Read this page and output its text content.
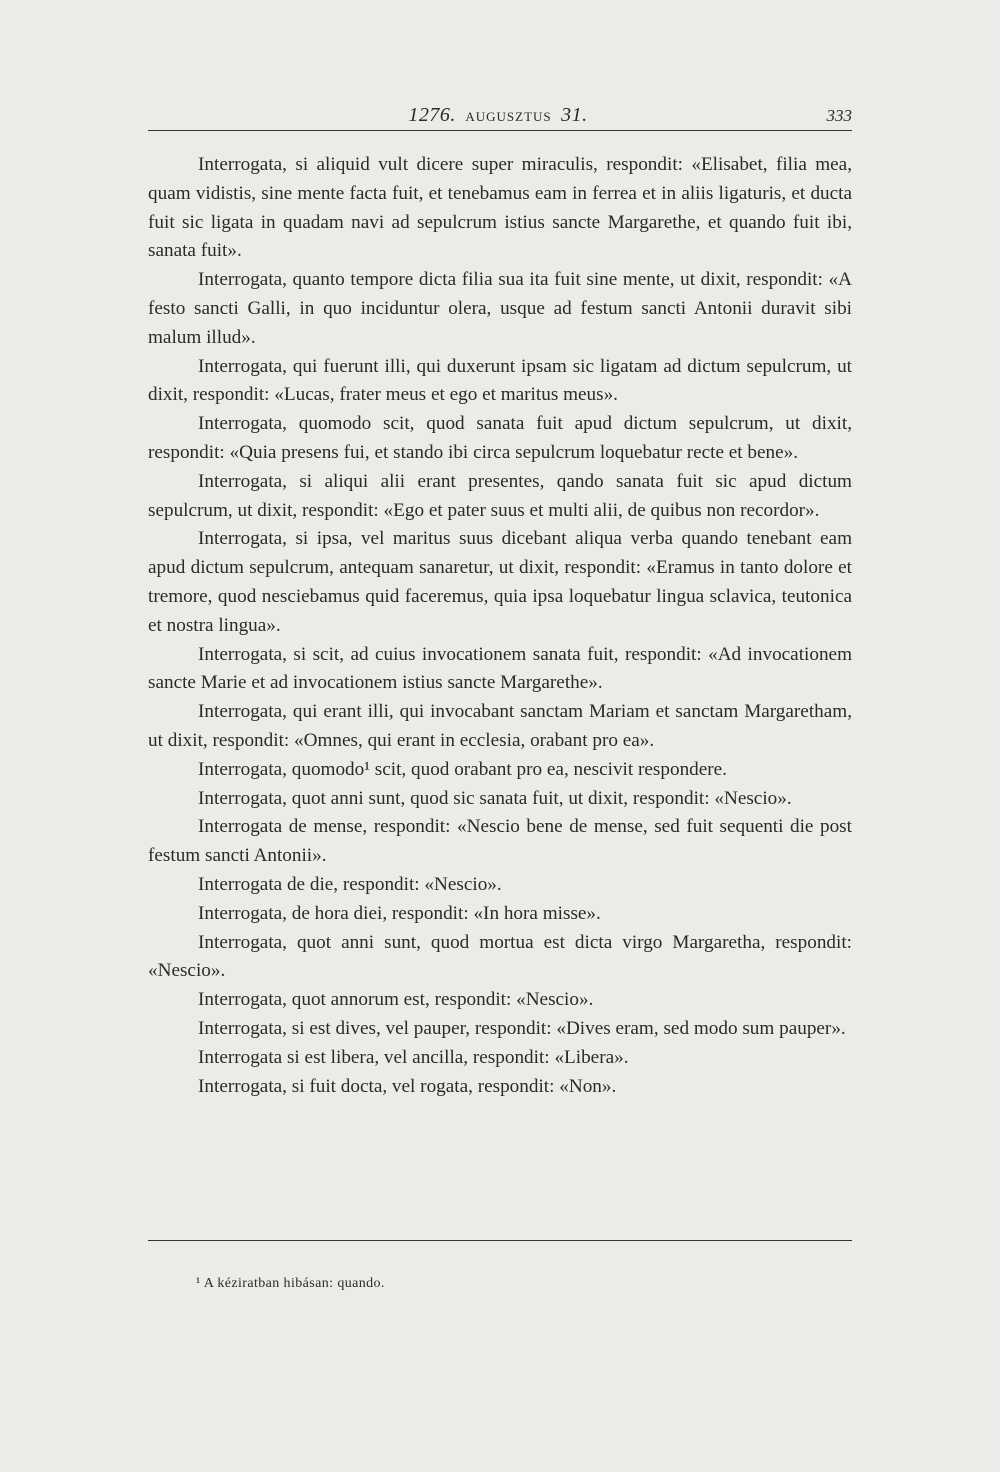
1276. AUGUSZTUS 31.	333

Interrogata, si aliquid vult dicere super miraculis, respondit: «Elisabet, filia mea, quam vidistis, sine mente facta fuit, et tenebamus eam in ferrea et in aliis ligaturis, et ducta fuit sic ligata in quadam navi ad sepulcrum istius sancte Margarethe, et quando fuit ibi, sanata fuit».

Interrogata, quanto tempore dicta filia sua ita fuit sine mente, ut dixit, respondit: «A festo sancti Galli, in quo inciduntur olera, usque ad festum sancti Antonii duravit sibi malum illud».

Interrogata, qui fuerunt illi, qui duxerunt ipsam sic ligatam ad dictum sepulcrum, ut dixit, respondit: «Lucas, frater meus et ego et maritus meus».

Interrogata, quomodo scit, quod sanata fuit apud dictum sepulcrum, ut dixit, respondit: «Quia presens fui, et stando ibi circa sepulcrum loquebatur recte et bene».

Interrogata, si aliqui alii erant presentes, qando sanata fuit sic apud dictum sepulcrum, ut dixit, respondit: «Ego et pater suus et multi alii, de quibus non recordor».

Interrogata, si ipsa, vel maritus suus dicebant aliqua verba quando tenebant eam apud dictum sepulcrum, antequam sanaretur, ut dixit, respondit: «Eramus in tanto dolore et tremore, quod nesciebamus quid faceremus, quia ipsa loquebatur lingua sclavica, teutonica et nostra lingua».

Interrogata, si scit, ad cuius invocationem sanata fuit, respondit: «Ad invocationem sancte Marie et ad invocationem istius sancte Margarethe».

Interrogata, qui erant illi, qui invocabant sanctam Mariam et sanctam Margaretham, ut dixit, respondit: «Omnes, qui erant in ecclesia, orabant pro ea».

Interrogata, quomodo¹ scit, quod orabant pro ea, nescivit respondere.

Interrogata, quot anni sunt, quod sic sanata fuit, ut dixit, respondit: «Nescio».

Interrogata de mense, respondit: «Nescio bene de mense, sed fuit sequenti die post festum sancti Antonii».

Interrogata de die, respondit: «Nescio».

Interrogata, de hora diei, respondit: «In hora misse».

Interrogata, quot anni sunt, quod mortua est dicta virgo Margaretha, respondit: «Nescio».

Interrogata, quot annorum est, respondit: «Nescio».

Interrogata, si est dives, vel pauper, respondit: «Dives eram, sed modo sum pauper».

Interrogata si est libera, vel ancilla, respondit: «Libera».

Interrogata, si fuit docta, vel rogata, respondit: «Non».

¹ A kéziratban hibásan: quando.
